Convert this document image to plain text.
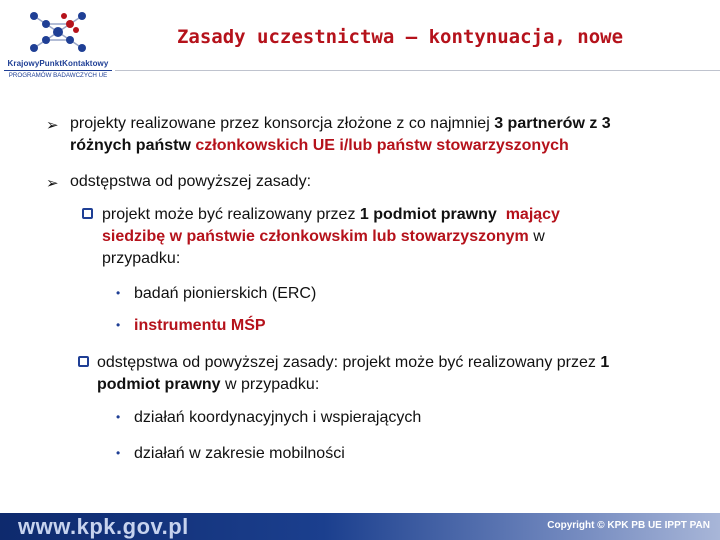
KrajowyPunktKontaktowy
PROGRAMÓW BADAWCZYCH UE
Zasady uczestnictwa – kontynuacja, nowe
➢ projekty realizowane przez konsorcja złożone z co najmniej 3 partnerów z 3
różnych państw członkowskich UE i/lub państw stowarzyszonych
➢ odstępstwa od powyższej zasady:
projekt może być realizowany przez 1 podmiot prawny mający
siedzibę w państwie członkowskim lub stowarzyszonym w
przypadku:
• badań pionierskich (ERC)
• instrumentu MŚP
odstępstwa od powyższej zasady: projekt może być realizowany przez 1
podmiot prawny w przypadku:
• działań koordynacyjnych i wspierających
• działań w zakresie mobilności
www.kpk.gov.pl	Copyright © KPK PB UE IPPT PAN
